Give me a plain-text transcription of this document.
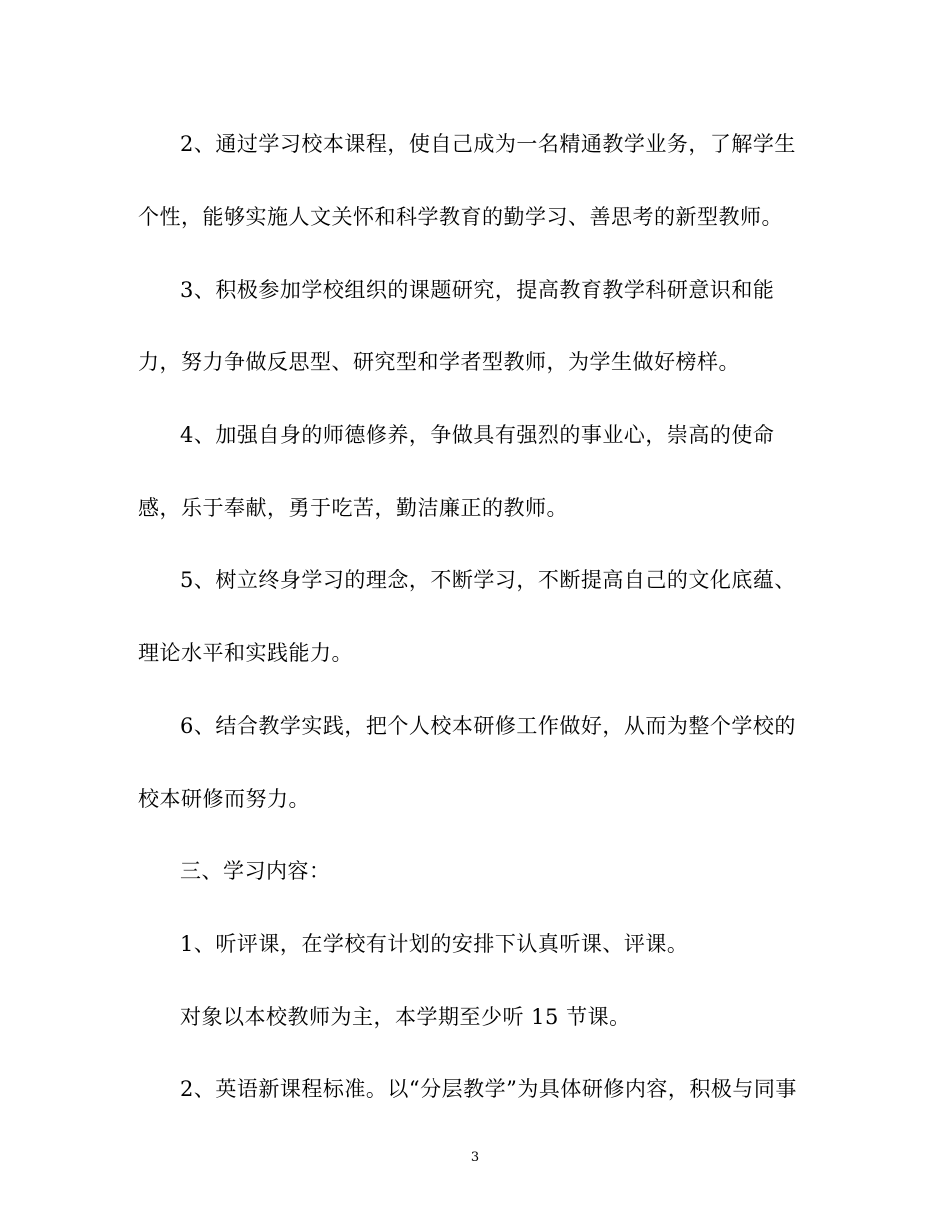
2、通过学习校本课程，使自己成为一名精通教学业务，了解学生
个性，能够实施人文关怀和科学教育的勤学习、善思考的新型教师。
3、积极参加学校组织的课题研究，提高教育教学科研意识和能
力，努力争做反思型、研究型和学者型教师，为学生做好榜样。
4、加强自身的师德修养，争做具有强烈的事业心，崇高的使命
感，乐于奉献，勇于吃苦，勤洁廉正的教师。
5、树立终身学习的理念，不断学习，不断提高自己的文化底蕴、
理论水平和实践能力。
6、结合教学实践，把个人校本研修工作做好，从而为整个学校的
校本研修而努力。
三、学习内容：
1、听评课，在学校有计划的安排下认真听课、评课。
对象以本校教师为主，本学期至少听 15 节课。
2、英语新课程标准。以“分层教学”为具体研修内容，积极与同事
3
